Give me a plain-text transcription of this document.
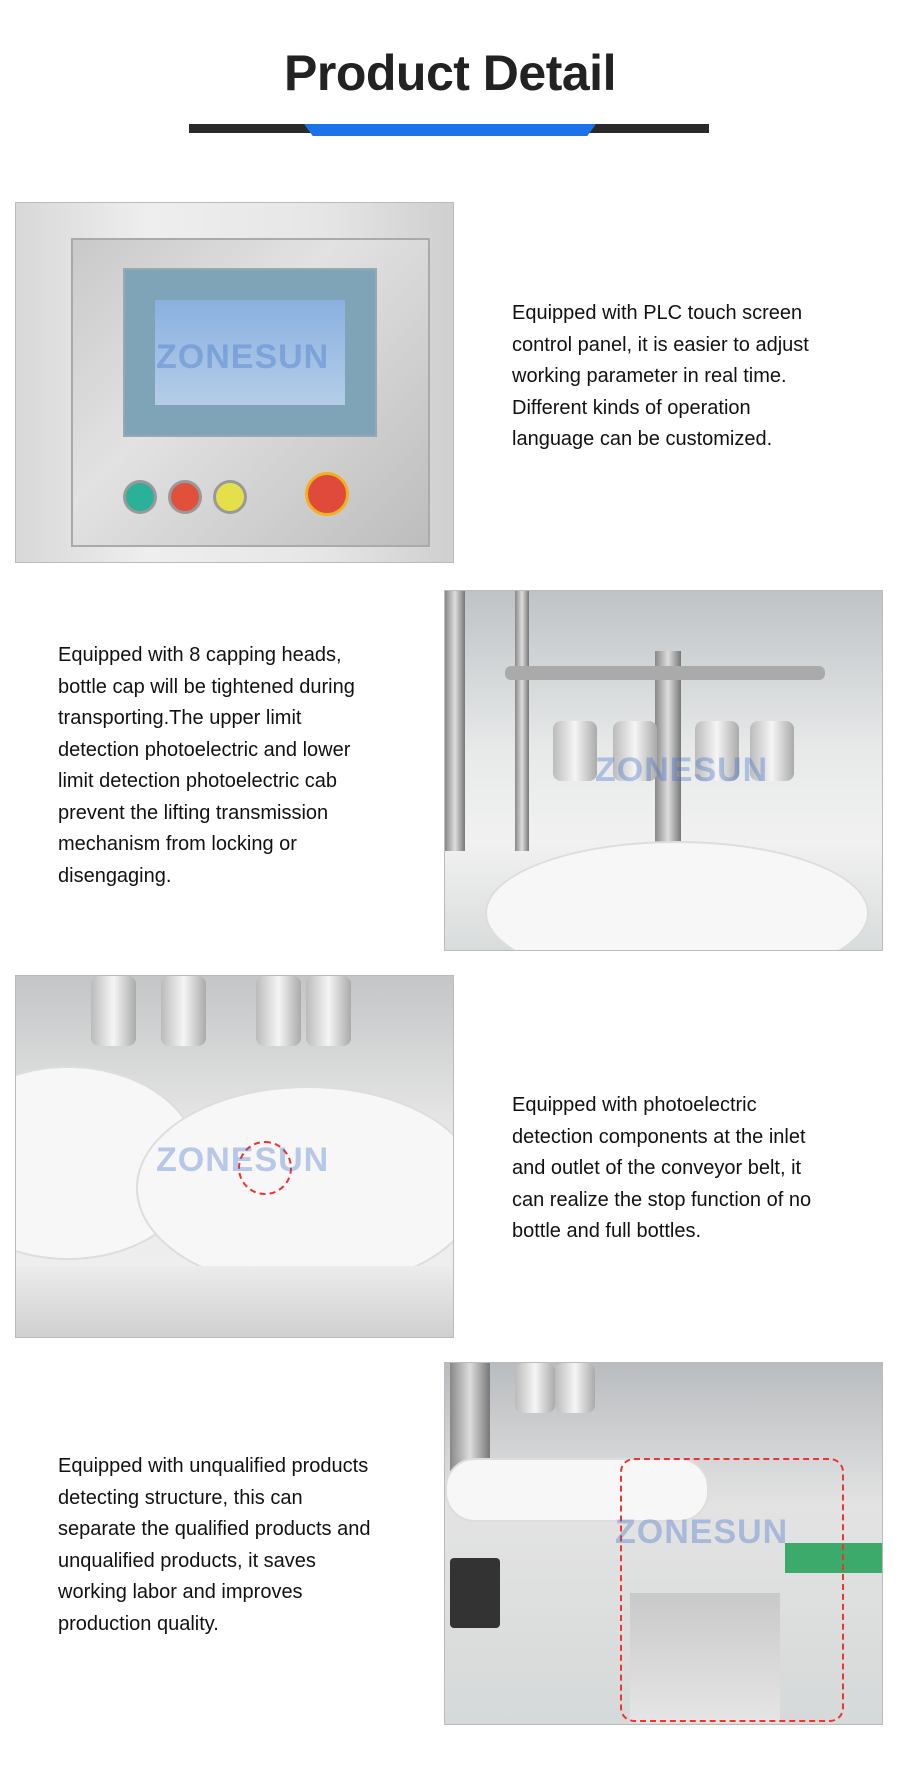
Product Detail
ZONESUN

Equipped with PLC touch screen

control panel, it is easier to adjust

working parameter in real time.

Different kinds of operation

language can be customized.

ZONESUN

Equipped with 8 capping heads,

bottle cap will be tightened during

transporting.The upper limit

detection photoelectric and lower

limit detection photoelectric cab

prevent the lifting transmission

mechanism from locking or

disengaging.

ZONESUN

Equipped with photoelectric

detection components at the inlet

and outlet of the conveyor belt, it

can realize the stop function of no

bottle and full bottles.

ZONESUN

Equipped with unqualified products

detecting structure, this can

separate the qualified products and

unqualified products, it saves

working labor and improves

production quality.
